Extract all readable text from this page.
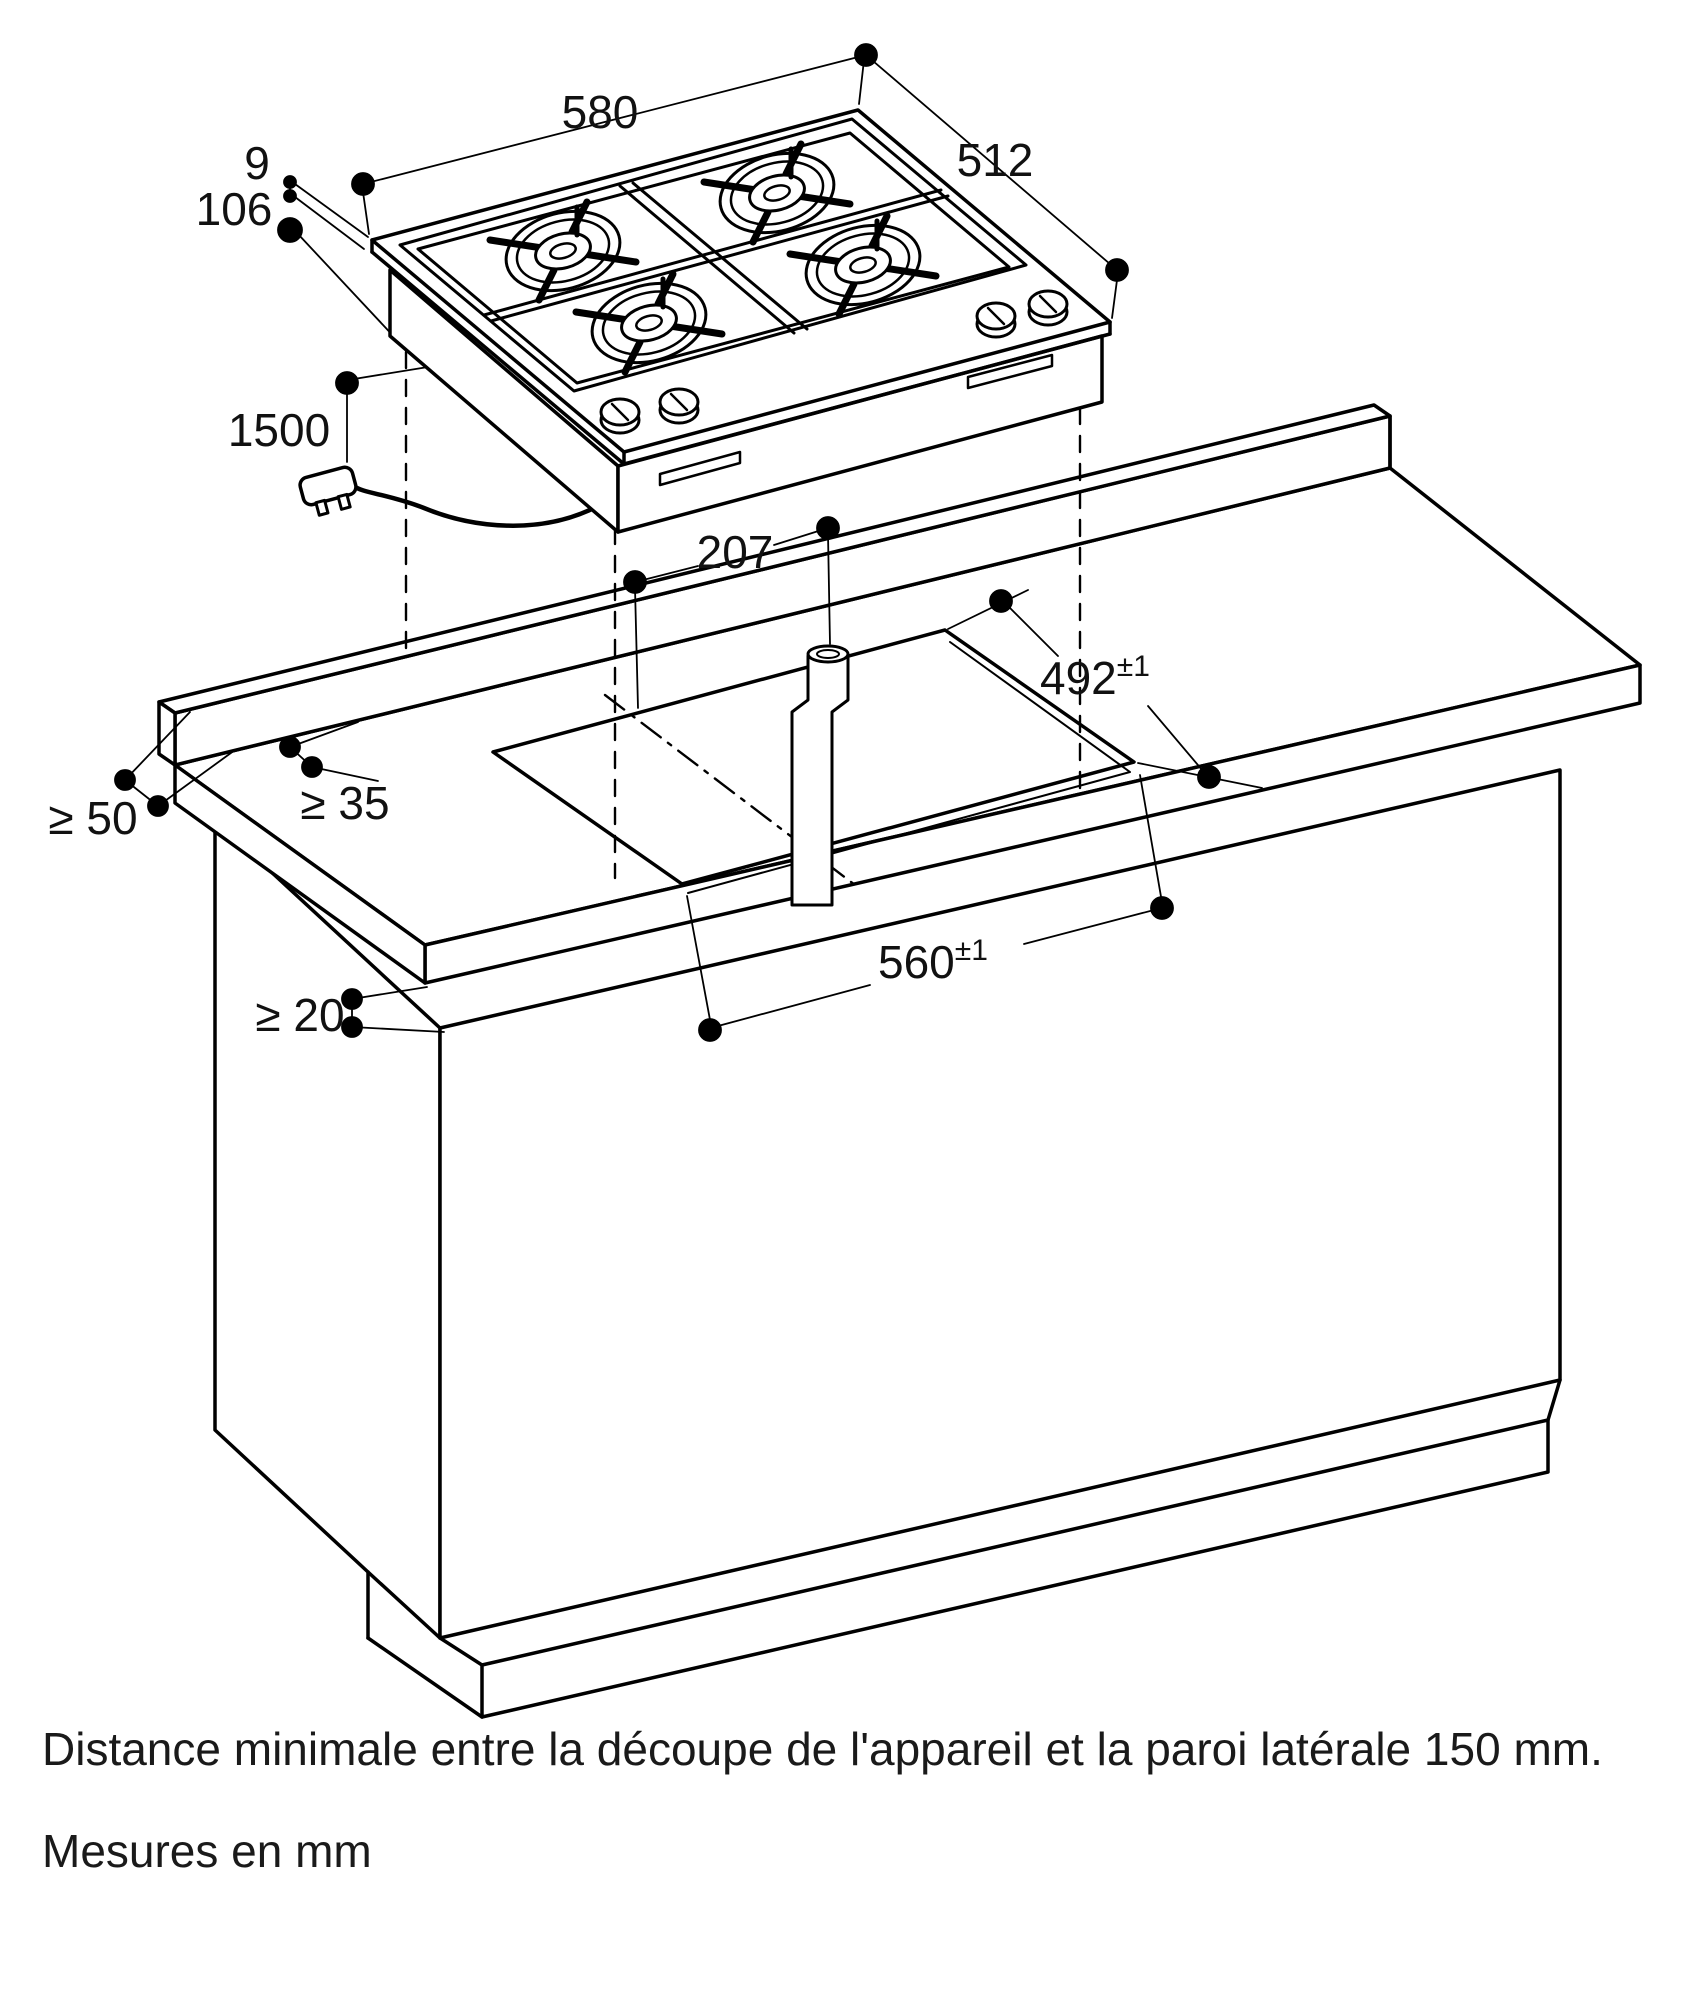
580
512
9
106
1500
207
$492^{\pm 1}$
$560^{\pm 1}$
≥ 50	≥ 35
≥ 20
Distance minimale entre la découpe de l'appareil et la paroi latérale 150 mm.
Mesures en mm
